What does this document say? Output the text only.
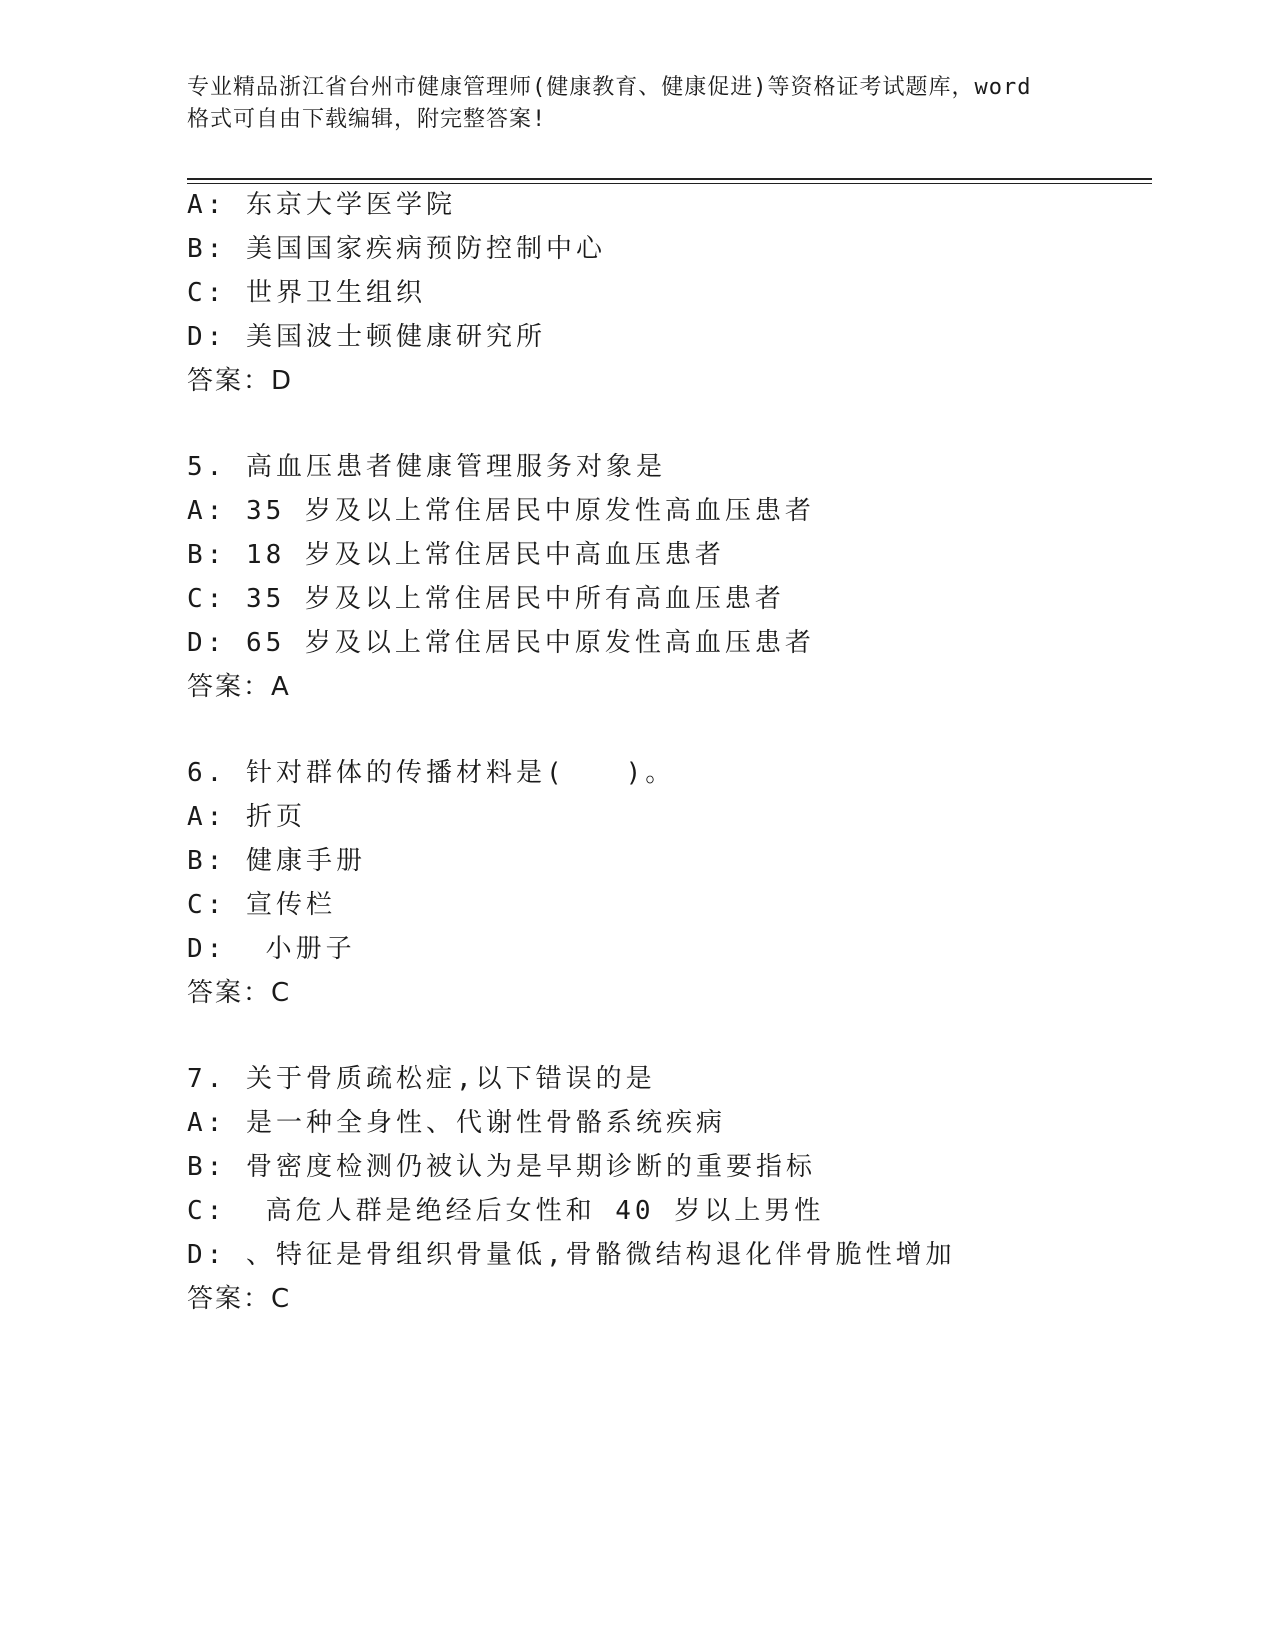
专业精品浙江省台州市健康管理师(健康教育、健康促进)等资格证考试题库，word
格式可自由下载编辑，附完整答案!
A: 东京大学医学院
B: 美国国家疾病预防控制中心
C: 世界卫生组织
D: 美国波士顿健康研究所
答案：D
5. 高血压患者健康管理服务对象是
A: 35 岁及以上常住居民中原发性高血压患者
B: 18 岁及以上常住居民中高血压患者
C: 35 岁及以上常住居民中所有高血压患者
D: 65 岁及以上常住居民中原发性高血压患者
答案：A
6. 针对群体的传播材料是(　　)。
A: 折页
B: 健康手册
C: 宣传栏
D:  小册子
答案：C
7. 关于骨质疏松症,以下错误的是
A: 是一种全身性、代谢性骨骼系统疾病
B: 骨密度检测仍被认为是早期诊断的重要指标
C:  高危人群是绝经后女性和 40 岁以上男性
D: 、特征是骨组织骨量低,骨骼微结构退化伴骨脆性增加
答案：C
